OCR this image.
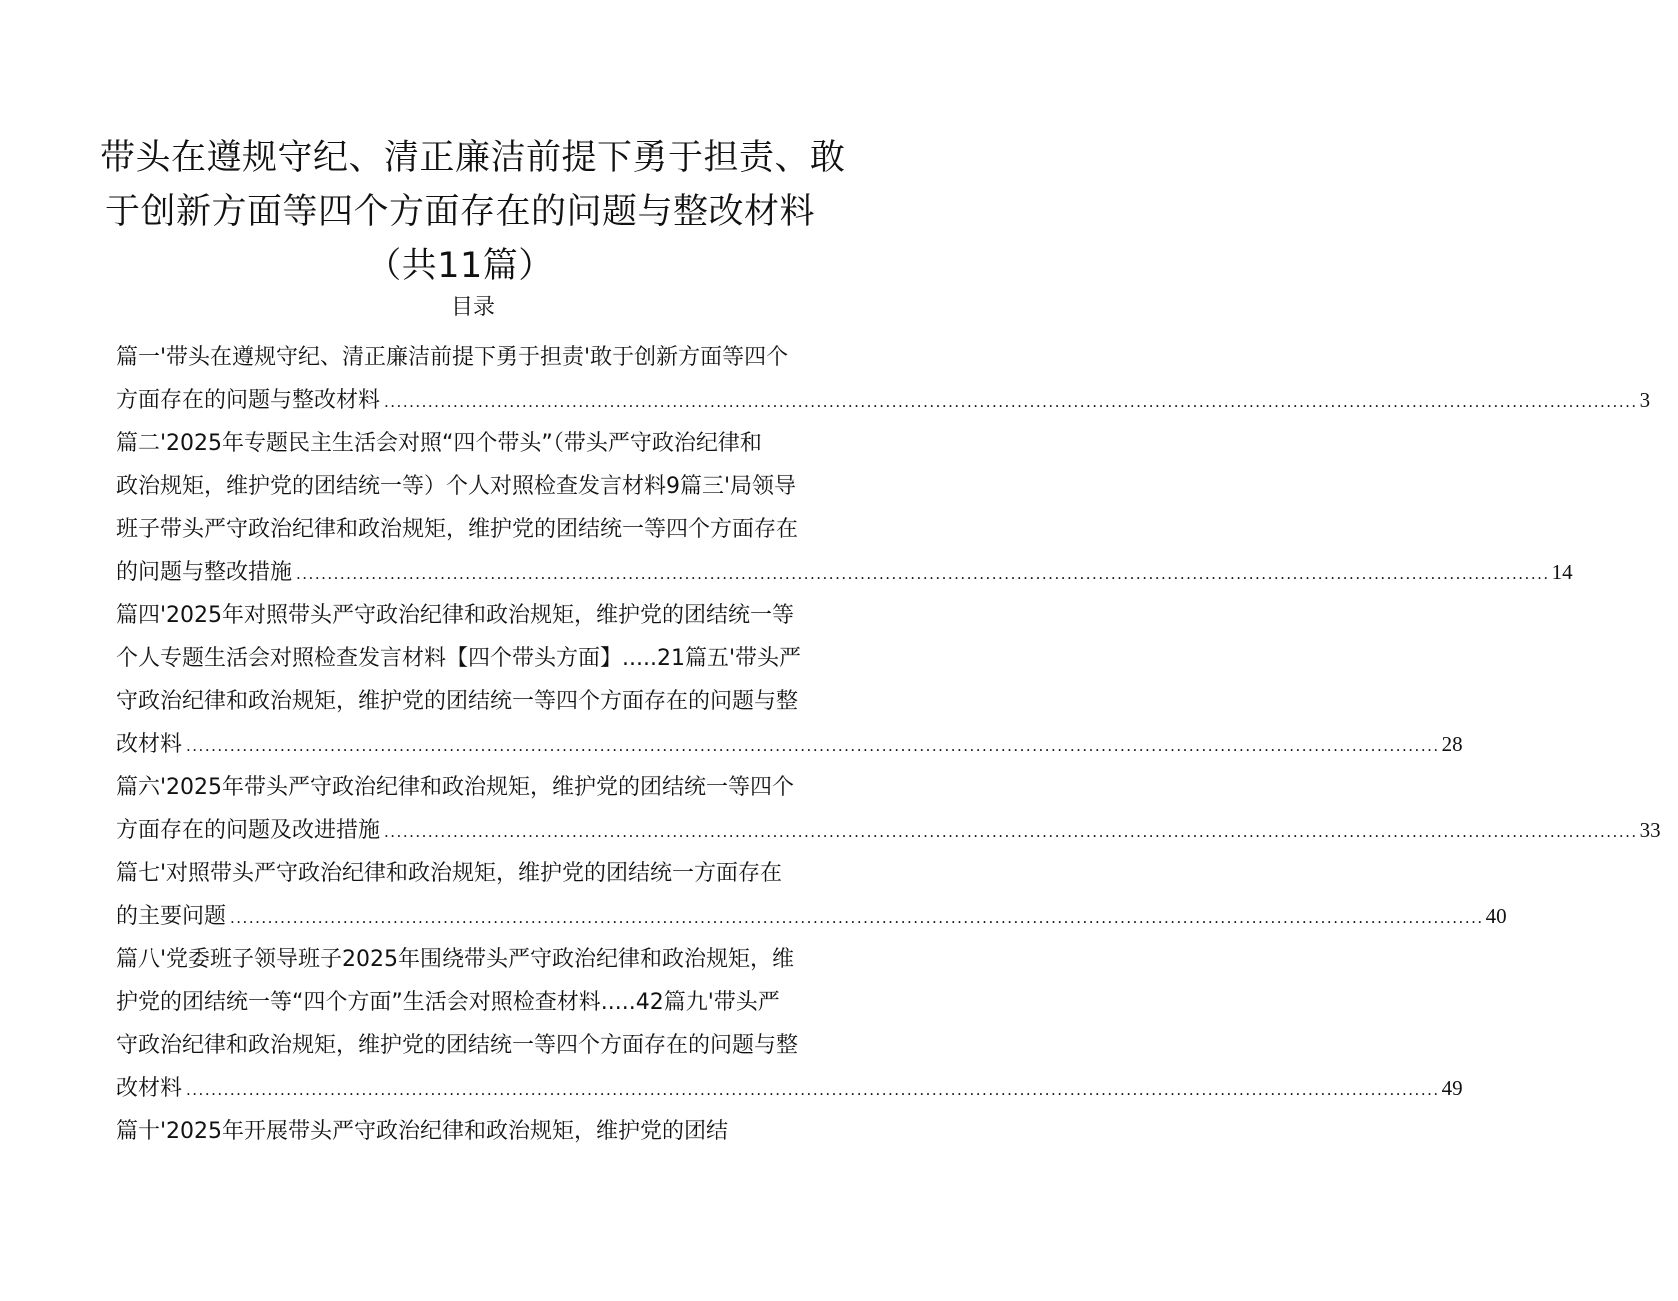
带头在遵规守纪、清正廉洁前提下勇于担责、敢
于创新方面等四个方面存在的问题与整改材料
（共11篇）
目录
篇一'带头在遵规守纪、清正廉洁前提下勇于担责'敢于创新方面等四个
方面存在的问题与整改材料 ........................................................................................................................................................................................................ 3
篇二'2025年专题民主生活会对照“四个带头”（带头严守政治纪律和
政治规矩，维护党的团结统一等）个人对照检查发言材料9篇三'局领导
班子带头严守政治纪律和政治规矩，维护党的团结统一等四个方面存在
的问题与整改措施 ........................................................................................................................................................................................................ 14
篇四'2025年对照带头严守政治纪律和政治规矩，维护党的团结统一等
个人专题生活会对照检查发言材料【四个带头方面】.....21篇五'带头严
守政治纪律和政治规矩，维护党的团结统一等四个方面存在的问题与整
改材料 ........................................................................................................................................................................................................ 28
篇六'2025年带头严守政治纪律和政治规矩，维护党的团结统一等四个
方面存在的问题及改进措施 ........................................................................................................................................................................................................ 33
篇七'对照带头严守政治纪律和政治规矩，维护党的团结统一方面存在
的主要问题 ........................................................................................................................................................................................................ 40
篇八'党委班子领导班子2025年围绕带头严守政治纪律和政治规矩，维
护党的团结统一等“四个方面”生活会对照检查材料.....42篇九'带头严
守政治纪律和政治规矩，维护党的团结统一等四个方面存在的问题与整
改材料 ........................................................................................................................................................................................................ 49
篇十'2025年开展带头严守政治纪律和政治规矩，维护党的团结
